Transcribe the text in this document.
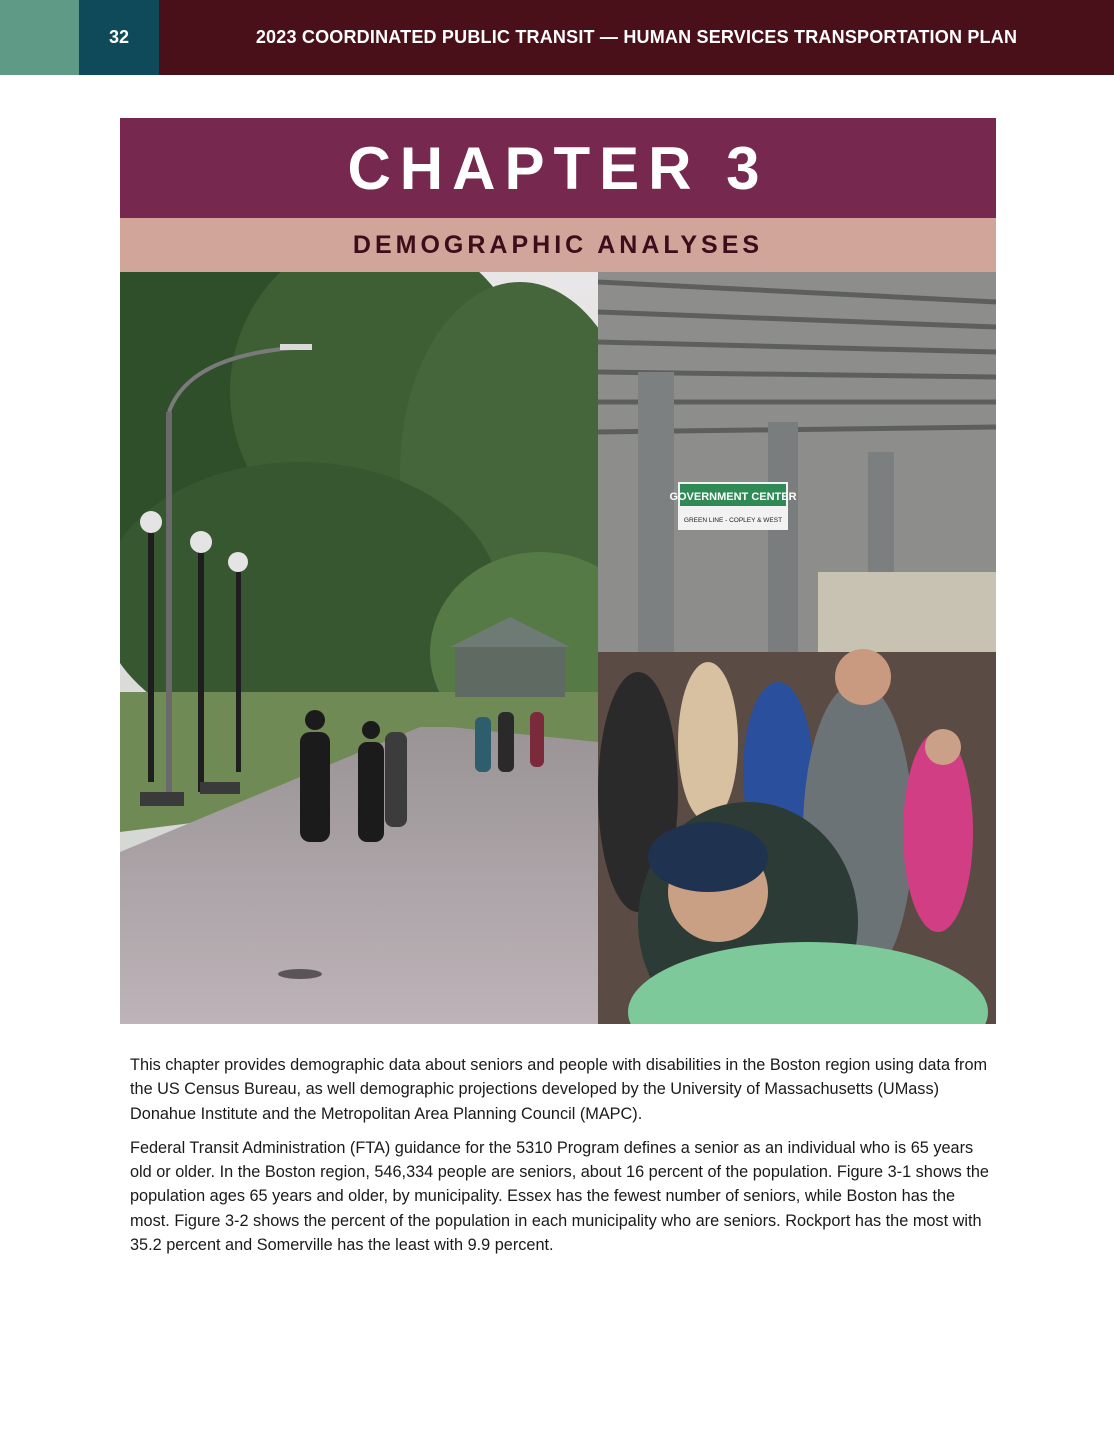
32	2023 COORDINATED PUBLIC TRANSIT — HUMAN SERVICES TRANSPORTATION PLAN
CHAPTER 3
DEMOGRAPHIC ANALYSES
GOVERNMENT CENTER
GREEN LINE - COPLEY & WEST

This chapter provides demographic data about seniors and people with disabilities in the Boston region using data from the US Census Bureau, as well demographic projections developed by the University of Massachusetts (UMass) Donahue Institute and the Metropolitan Area Planning Council (MAPC).

Federal Transit Administration (FTA) guidance for the 5310 Program defines a senior as an individual who is 65 years old or older. In the Boston region, 546,334 people are seniors, about 16 percent of the population. Figure 3-1 shows the population ages 65 years and older, by municipality. Essex has the fewest number of seniors, while Boston has the most. Figure 3-2 shows the percent of the population in each municipality who are seniors. Rockport has the most with 35.2 percent and Somerville has the least with 9.9 percent.
